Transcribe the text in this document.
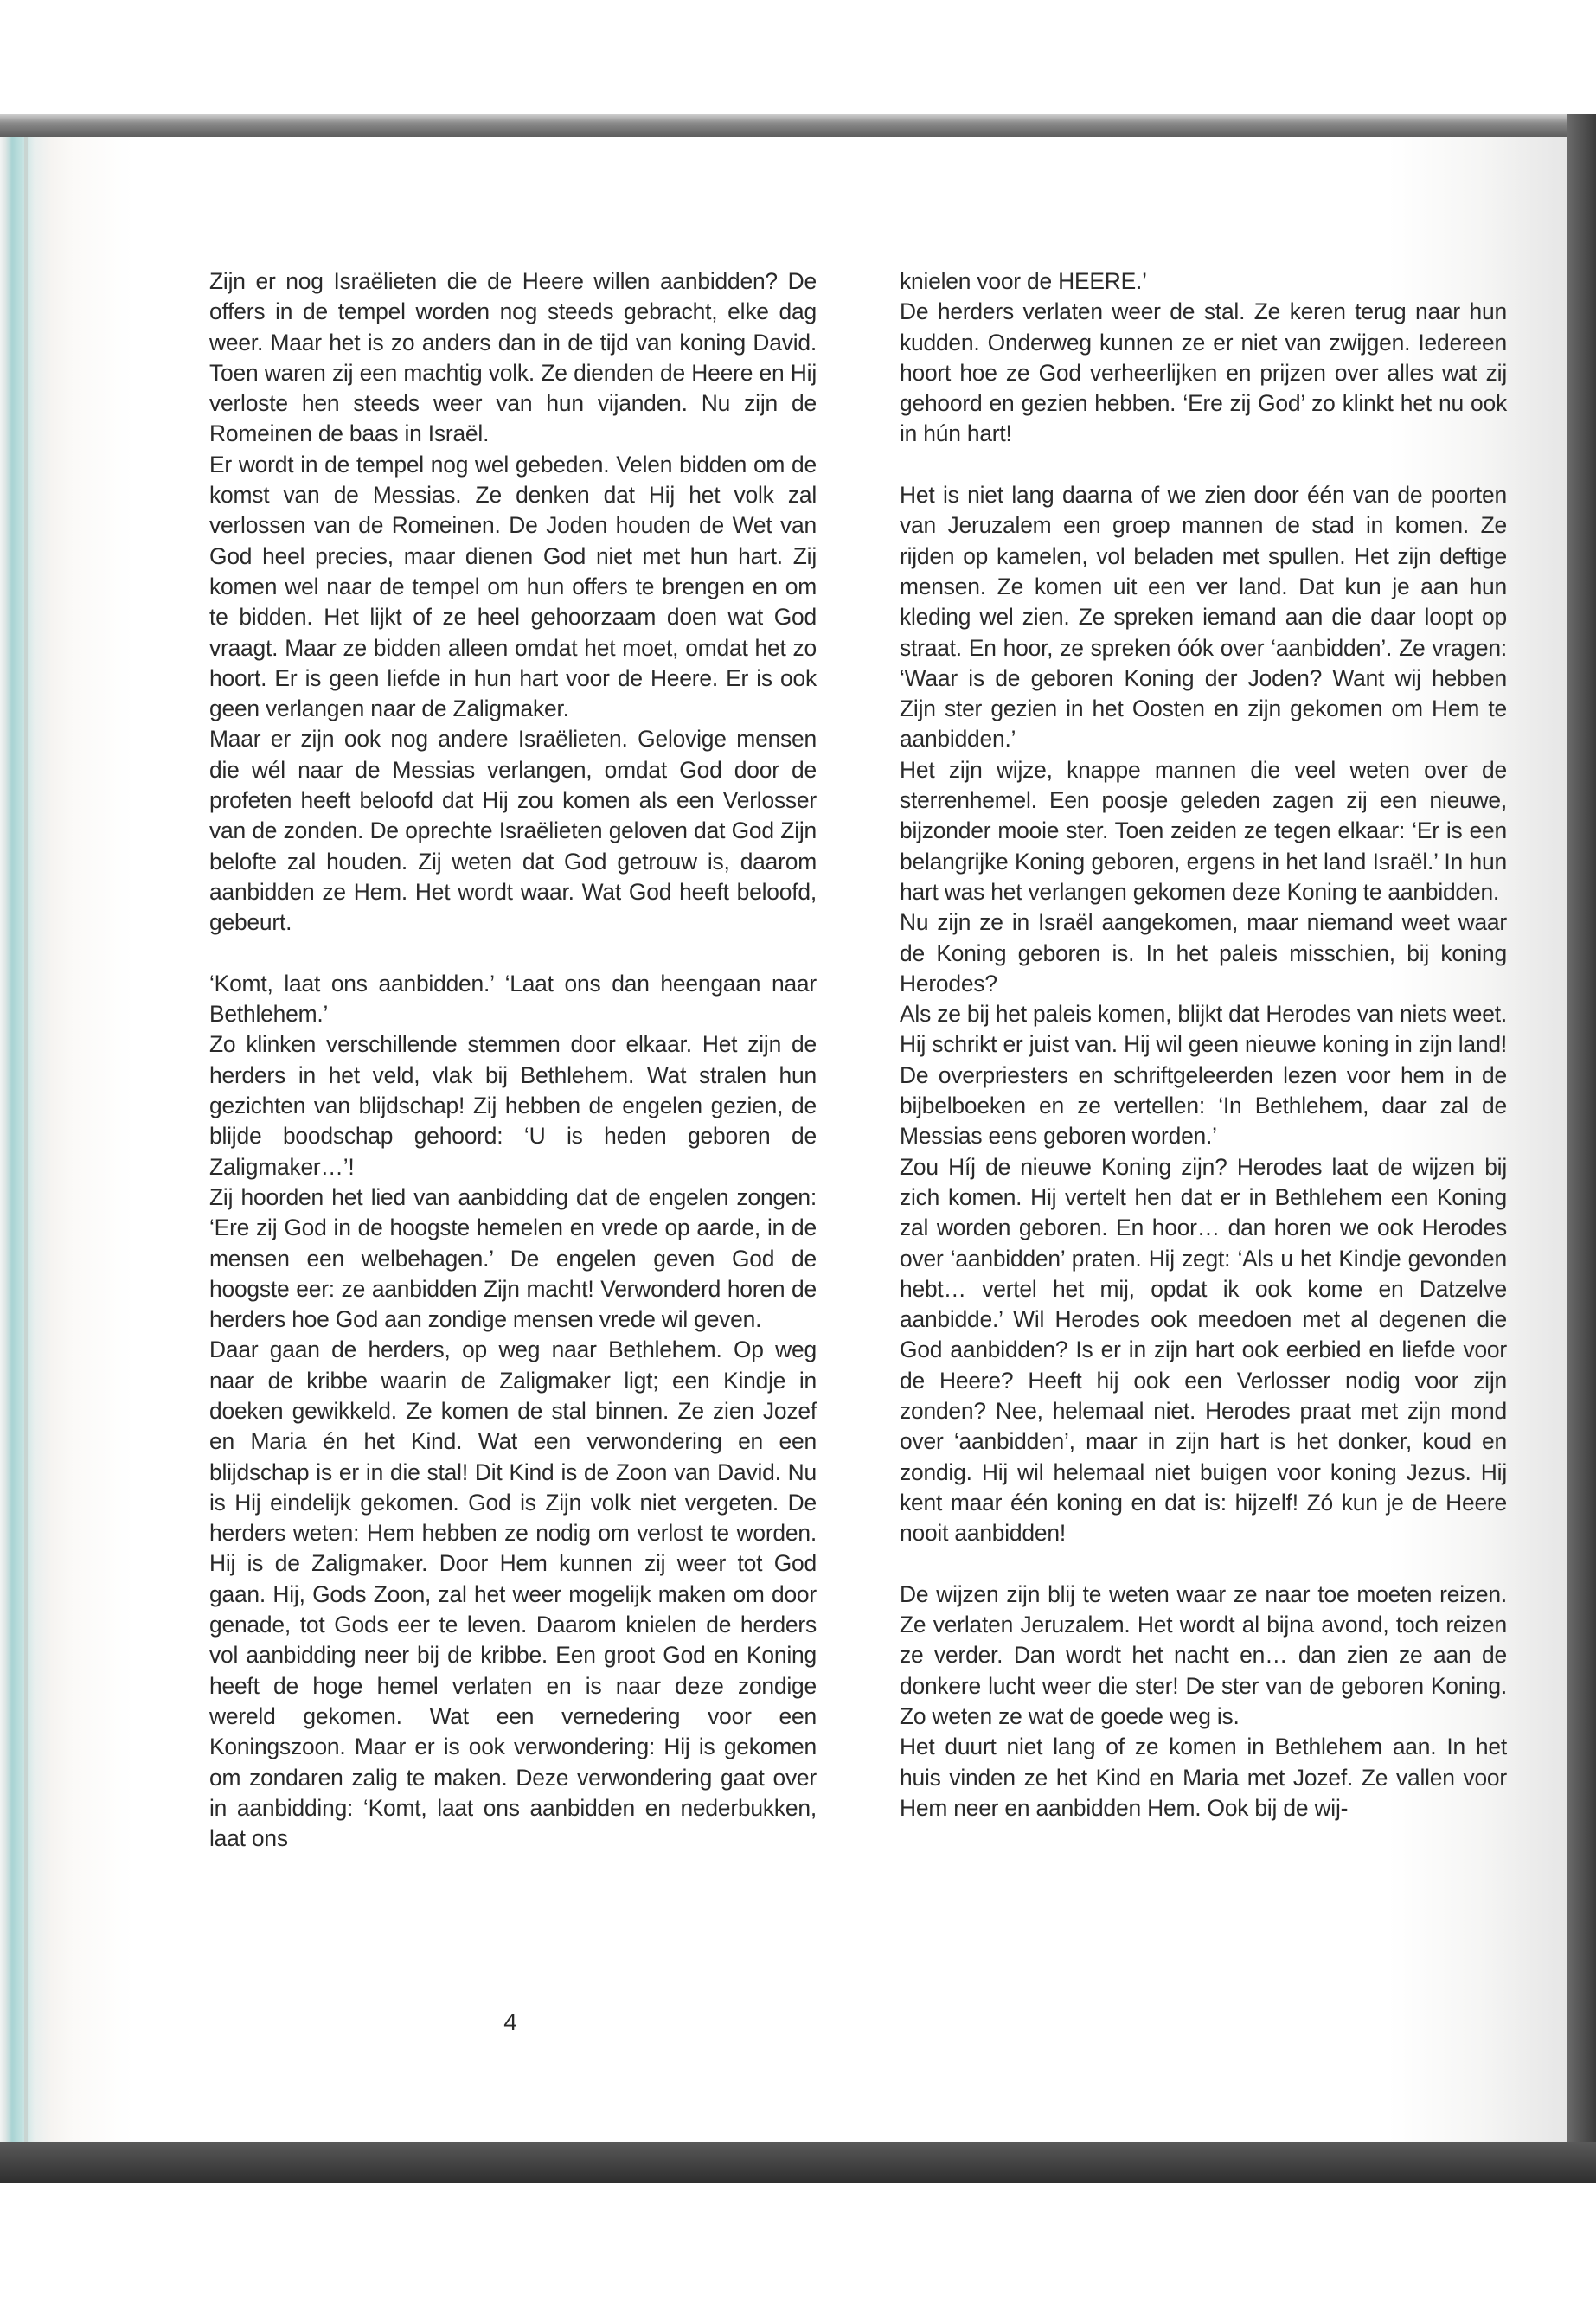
Zijn er nog Israëlieten die de Heere willen aanbidden? De offers in de tempel worden nog steeds gebracht, elke dag weer. Maar het is zo anders dan in de tijd van koning David. Toen waren zij een machtig volk. Ze dienden de Heere en Hij verloste hen steeds weer van hun vijanden. Nu zijn de Romeinen de baas in Israël.

Er wordt in de tempel nog wel gebeden. Velen bidden om de komst van de Messias. Ze denken dat Hij het volk zal verlossen van de Romeinen. De Joden houden de Wet van God heel precies, maar dienen God niet met hun hart. Zij komen wel naar de tempel om hun offers te brengen en om te bidden. Het lijkt of ze heel gehoorzaam doen wat God vraagt. Maar ze bidden alleen omdat het moet, omdat het zo hoort. Er is geen liefde in hun hart voor de Heere. Er is ook geen verlangen naar de Zaligmaker.

Maar er zijn ook nog andere Israëlieten. Gelovige mensen die wél naar de Messias verlangen, omdat God door de profeten heeft beloofd dat Hij zou komen als een Verlosser van de zonden. De oprechte Israëlieten geloven dat God Zijn belofte zal houden. Zij weten dat God getrouw is, daarom aanbidden ze Hem. Het wordt waar. Wat God heeft beloofd, gebeurt.

‘Komt, laat ons aanbidden.’ ‘Laat ons dan heengaan naar Bethlehem.’

Zo klinken verschillende stemmen door elkaar. Het zijn de herders in het veld, vlak bij Bethlehem. Wat stralen hun gezichten van blijdschap! Zij hebben de engelen gezien, de blijde boodschap gehoord: ‘U is heden geboren de Zaligmaker…’!

Zij hoorden het lied van aanbidding dat de engelen zongen: ‘Ere zij God in de hoogste hemelen en vrede op aarde, in de mensen een welbehagen.’ De engelen geven God de hoogste eer: ze aanbidden Zijn macht! Verwonderd horen de herders hoe God aan zondige mensen vrede wil geven.

Daar gaan de herders, op weg naar Bethlehem. Op weg naar de kribbe waarin de Zaligmaker ligt; een Kindje in doeken gewikkeld. Ze komen de stal binnen. Ze zien Jozef en Maria én het Kind. Wat een verwondering en een blijdschap is er in die stal! Dit Kind is de Zoon van David. Nu is Hij eindelijk gekomen. God is Zijn volk niet vergeten. De herders weten: Hem hebben ze nodig om verlost te worden. Hij is de Zaligmaker. Door Hem kunnen zij weer tot God gaan. Hij, Gods Zoon, zal het weer mogelijk maken om door genade, tot Gods eer te leven. Daarom knielen de herders vol aanbidding neer bij de kribbe. Een groot God en Koning heeft de hoge hemel verlaten en is naar deze zondige wereld gekomen. Wat een vernedering voor een Koningszoon. Maar er is ook verwondering: Hij is gekomen om zondaren zalig te maken. Deze verwondering gaat over in aanbidding: ‘Komt, laat ons aanbidden en nederbukken, laat ons

knielen voor de HEERE.’

De herders verlaten weer de stal. Ze keren terug naar hun kudden. Onderweg kunnen ze er niet van zwijgen. Iedereen hoort hoe ze God verheerlijken en prijzen over alles wat zij gehoord en gezien hebben. ‘Ere zij God’ zo klinkt het nu ook in hún hart!

Het is niet lang daarna of we zien door één van de poorten van Jeruzalem een groep mannen de stad in komen. Ze rijden op kamelen, vol beladen met spullen. Het zijn deftige mensen. Ze komen uit een ver land. Dat kun je aan hun kleding wel zien. Ze spreken iemand aan die daar loopt op straat. En hoor, ze spreken óók over ‘aanbidden’. Ze vragen: ‘Waar is de geboren Koning der Joden? Want wij hebben Zijn ster gezien in het Oosten en zijn gekomen om Hem te aanbidden.’

Het zijn wijze, knappe mannen die veel weten over de sterrenhemel. Een poosje geleden zagen zij een nieuwe, bijzonder mooie ster. Toen zeiden ze tegen elkaar: ‘Er is een belangrijke Koning geboren, ergens in het land Israël.’ In hun hart was het verlangen gekomen deze Koning te aanbidden.

Nu zijn ze in Israël aangekomen, maar niemand weet waar de Koning geboren is. In het paleis misschien, bij koning Herodes?

Als ze bij het paleis komen, blijkt dat Herodes van niets weet. Hij schrikt er juist van. Hij wil geen nieuwe koning in zijn land! De overpriesters en schriftgeleerden lezen voor hem in de bijbelboeken en ze vertellen: ‘In Bethlehem, daar zal de Messias eens geboren worden.’

Zou Híj de nieuwe Koning zijn? Herodes laat de wijzen bij zich komen. Hij vertelt hen dat er in Bethlehem een Koning zal worden geboren. En hoor… dan horen we ook Herodes over ‘aanbidden’ praten. Hij zegt: ‘Als u het Kindje gevonden hebt… vertel het mij, opdat ik ook kome en Datzelve aanbidde.’ Wil Herodes ook meedoen met al degenen die God aanbidden? Is er in zijn hart ook eerbied en liefde voor de Heere? Heeft hij ook een Verlosser nodig voor zijn zonden? Nee, helemaal niet. Herodes praat met zijn mond over ‘aanbidden’, maar in zijn hart is het donker, koud en zondig. Hij wil helemaal niet buigen voor koning Jezus. Hij kent maar één koning en dat is: hijzelf! Zó kun je de Heere nooit aanbidden!

De wijzen zijn blij te weten waar ze naar toe moeten reizen. Ze verlaten Jeruzalem. Het wordt al bijna avond, toch reizen ze verder. Dan wordt het nacht en… dan zien ze aan de donkere lucht weer die ster! De ster van de geboren Koning. Zo weten ze wat de goede weg is.

Het duurt niet lang of ze komen in Bethlehem aan. In het huis vinden ze het Kind en Maria met Jozef. Ze vallen voor Hem neer en aanbidden Hem. Ook bij de wij-

4
